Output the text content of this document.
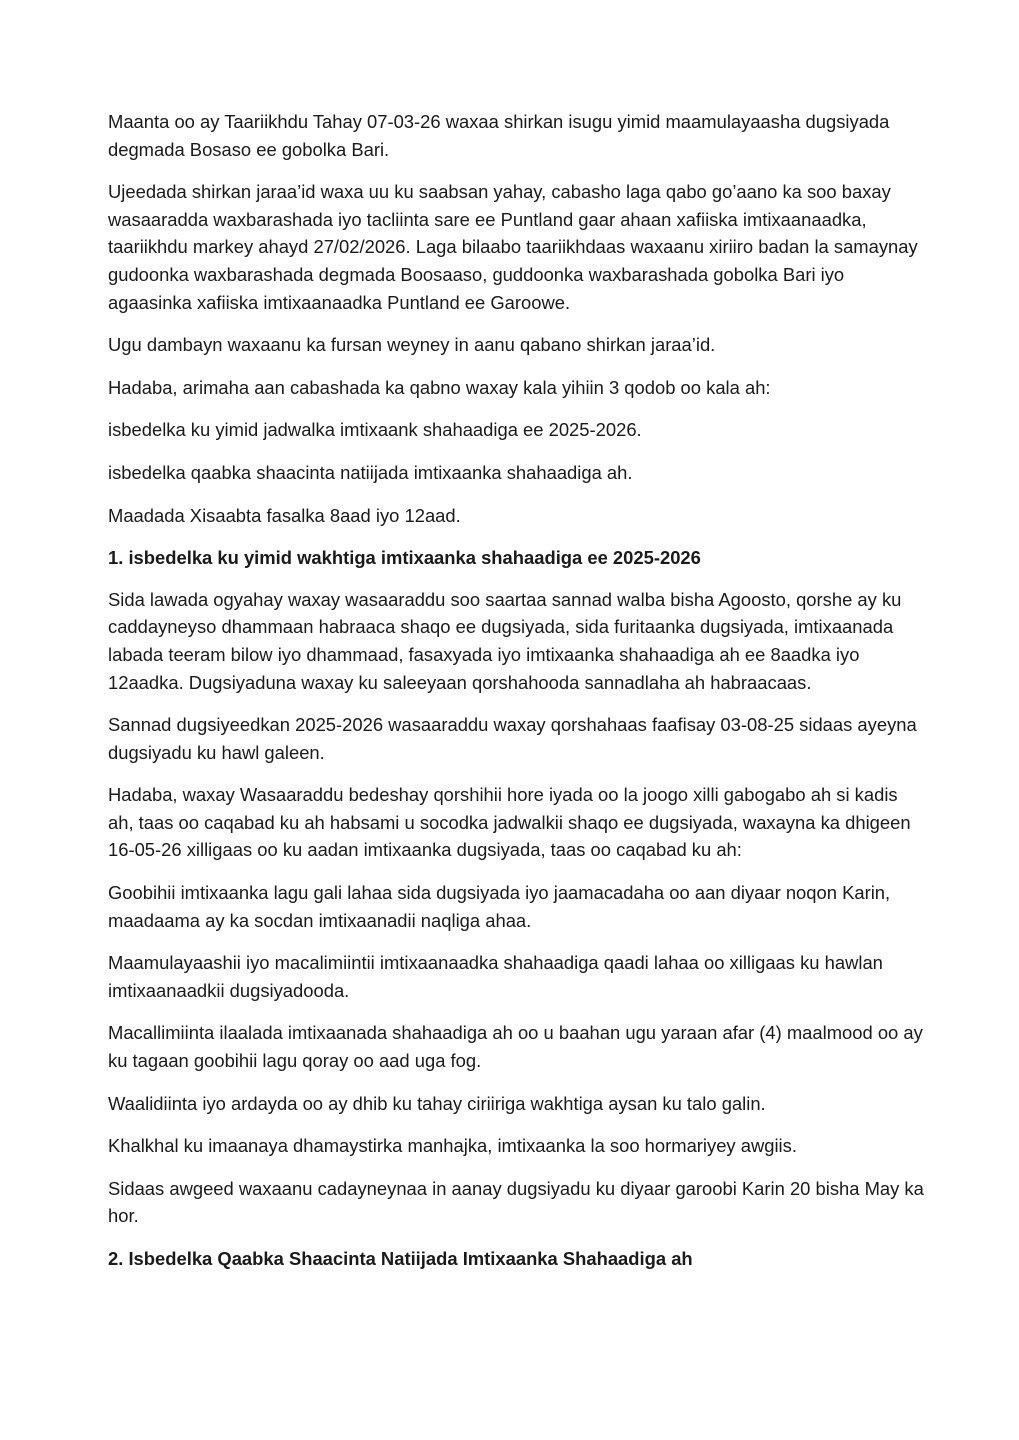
Maanta oo ay Taariikhdu Tahay 07-03-26 waxaa shirkan isugu yimid maamulayaasha dugsiyada degmada Bosaso ee gobolka Bari.

Ujeedada shirkan jaraa’id waxa uu ku saabsan yahay, cabasho laga qabo go’aano ka soo baxay wasaaradda waxbarashada iyo tacliinta sare ee Puntland gaar ahaan xafiiska imtixaanaadka, taariikhdu markey ahayd 27/02/2026. Laga bilaabo taariikhdaas waxaanu xiriiro badan la samaynay gudoonka waxbarashada degmada Boosaaso, guddoonka waxbarashada gobolka Bari iyo agaasinka xafiiska imtixaanaadka Puntland ee Garoowe.

Ugu dambayn waxaanu ka fursan weyney in aanu qabano shirkan jaraa’id.

Hadaba, arimaha aan cabashada ka qabno waxay kala yihiin 3 qodob oo kala ah:

isbedelka ku yimid jadwalka imtixaank shahaadiga ee 2025-2026.

isbedelka qaabka shaacinta natiijada imtixaanka shahaadiga ah.

Maadada Xisaabta fasalka 8aad iyo 12aad.

1. isbedelka ku yimid wakhtiga imtixaanka shahaadiga ee 2025-2026

Sida lawada ogyahay waxay wasaaraddu soo saartaa sannad walba bisha Agoosto, qorshe ay ku caddayneyso dhammaan habraaca shaqo ee dugsiyada, sida furitaanka dugsiyada, imtixaanada labada teeram bilow iyo dhammaad, fasaxyada iyo imtixaanka shahaadiga ah ee 8aadka iyo 12aadka. Dugsiyaduna waxay ku saleeyaan qorshahooda sannadlaha ah habraacaas.

Sannad dugsiyeedkan 2025-2026 wasaaraddu waxay qorshahaas faafisay 03-08-25 sidaas ayeyna dugsiyadu ku hawl galeen.

Hadaba, waxay Wasaaraddu bedeshay qorshihii hore iyada oo la joogo xilli gabogabo ah si kadis ah, taas oo caqabad ku ah habsami u socodka jadwalkii shaqo ee dugsiyada, waxayna ka dhigeen 16-05-26 xilligaas oo ku aadan imtixaanka dugsiyada, taas oo caqabad ku ah:

Goobihii imtixaanka lagu gali lahaa sida dugsiyada iyo jaamacadaha oo aan diyaar noqon Karin, maadaama ay ka socdan imtixaanadii naqliga ahaa.

Maamulayaashii iyo macalimiintii imtixaanaadka shahaadiga qaadi lahaa oo xilligaas ku hawlan imtixaanaadkii dugsiyadooda.

Macallimiinta ilaalada imtixaanada shahaadiga ah oo u baahan ugu yaraan afar (4) maalmood oo ay ku tagaan goobihii lagu qoray oo aad uga fog.

Waalidiinta iyo ardayda oo ay dhib ku tahay ciriiriga wakhtiga aysan ku talo galin.

Khalkhal ku imaanaya dhamaystirka manhajka, imtixaanka la soo hormariyey awgiis.

Sidaas awgeed waxaanu cadayneynaa in aanay dugsiyadu ku diyaar garoobi Karin 20 bisha May ka hor.

2. Isbedelka Qaabka Shaacinta Natiijada Imtixaanka Shahaadiga ah
